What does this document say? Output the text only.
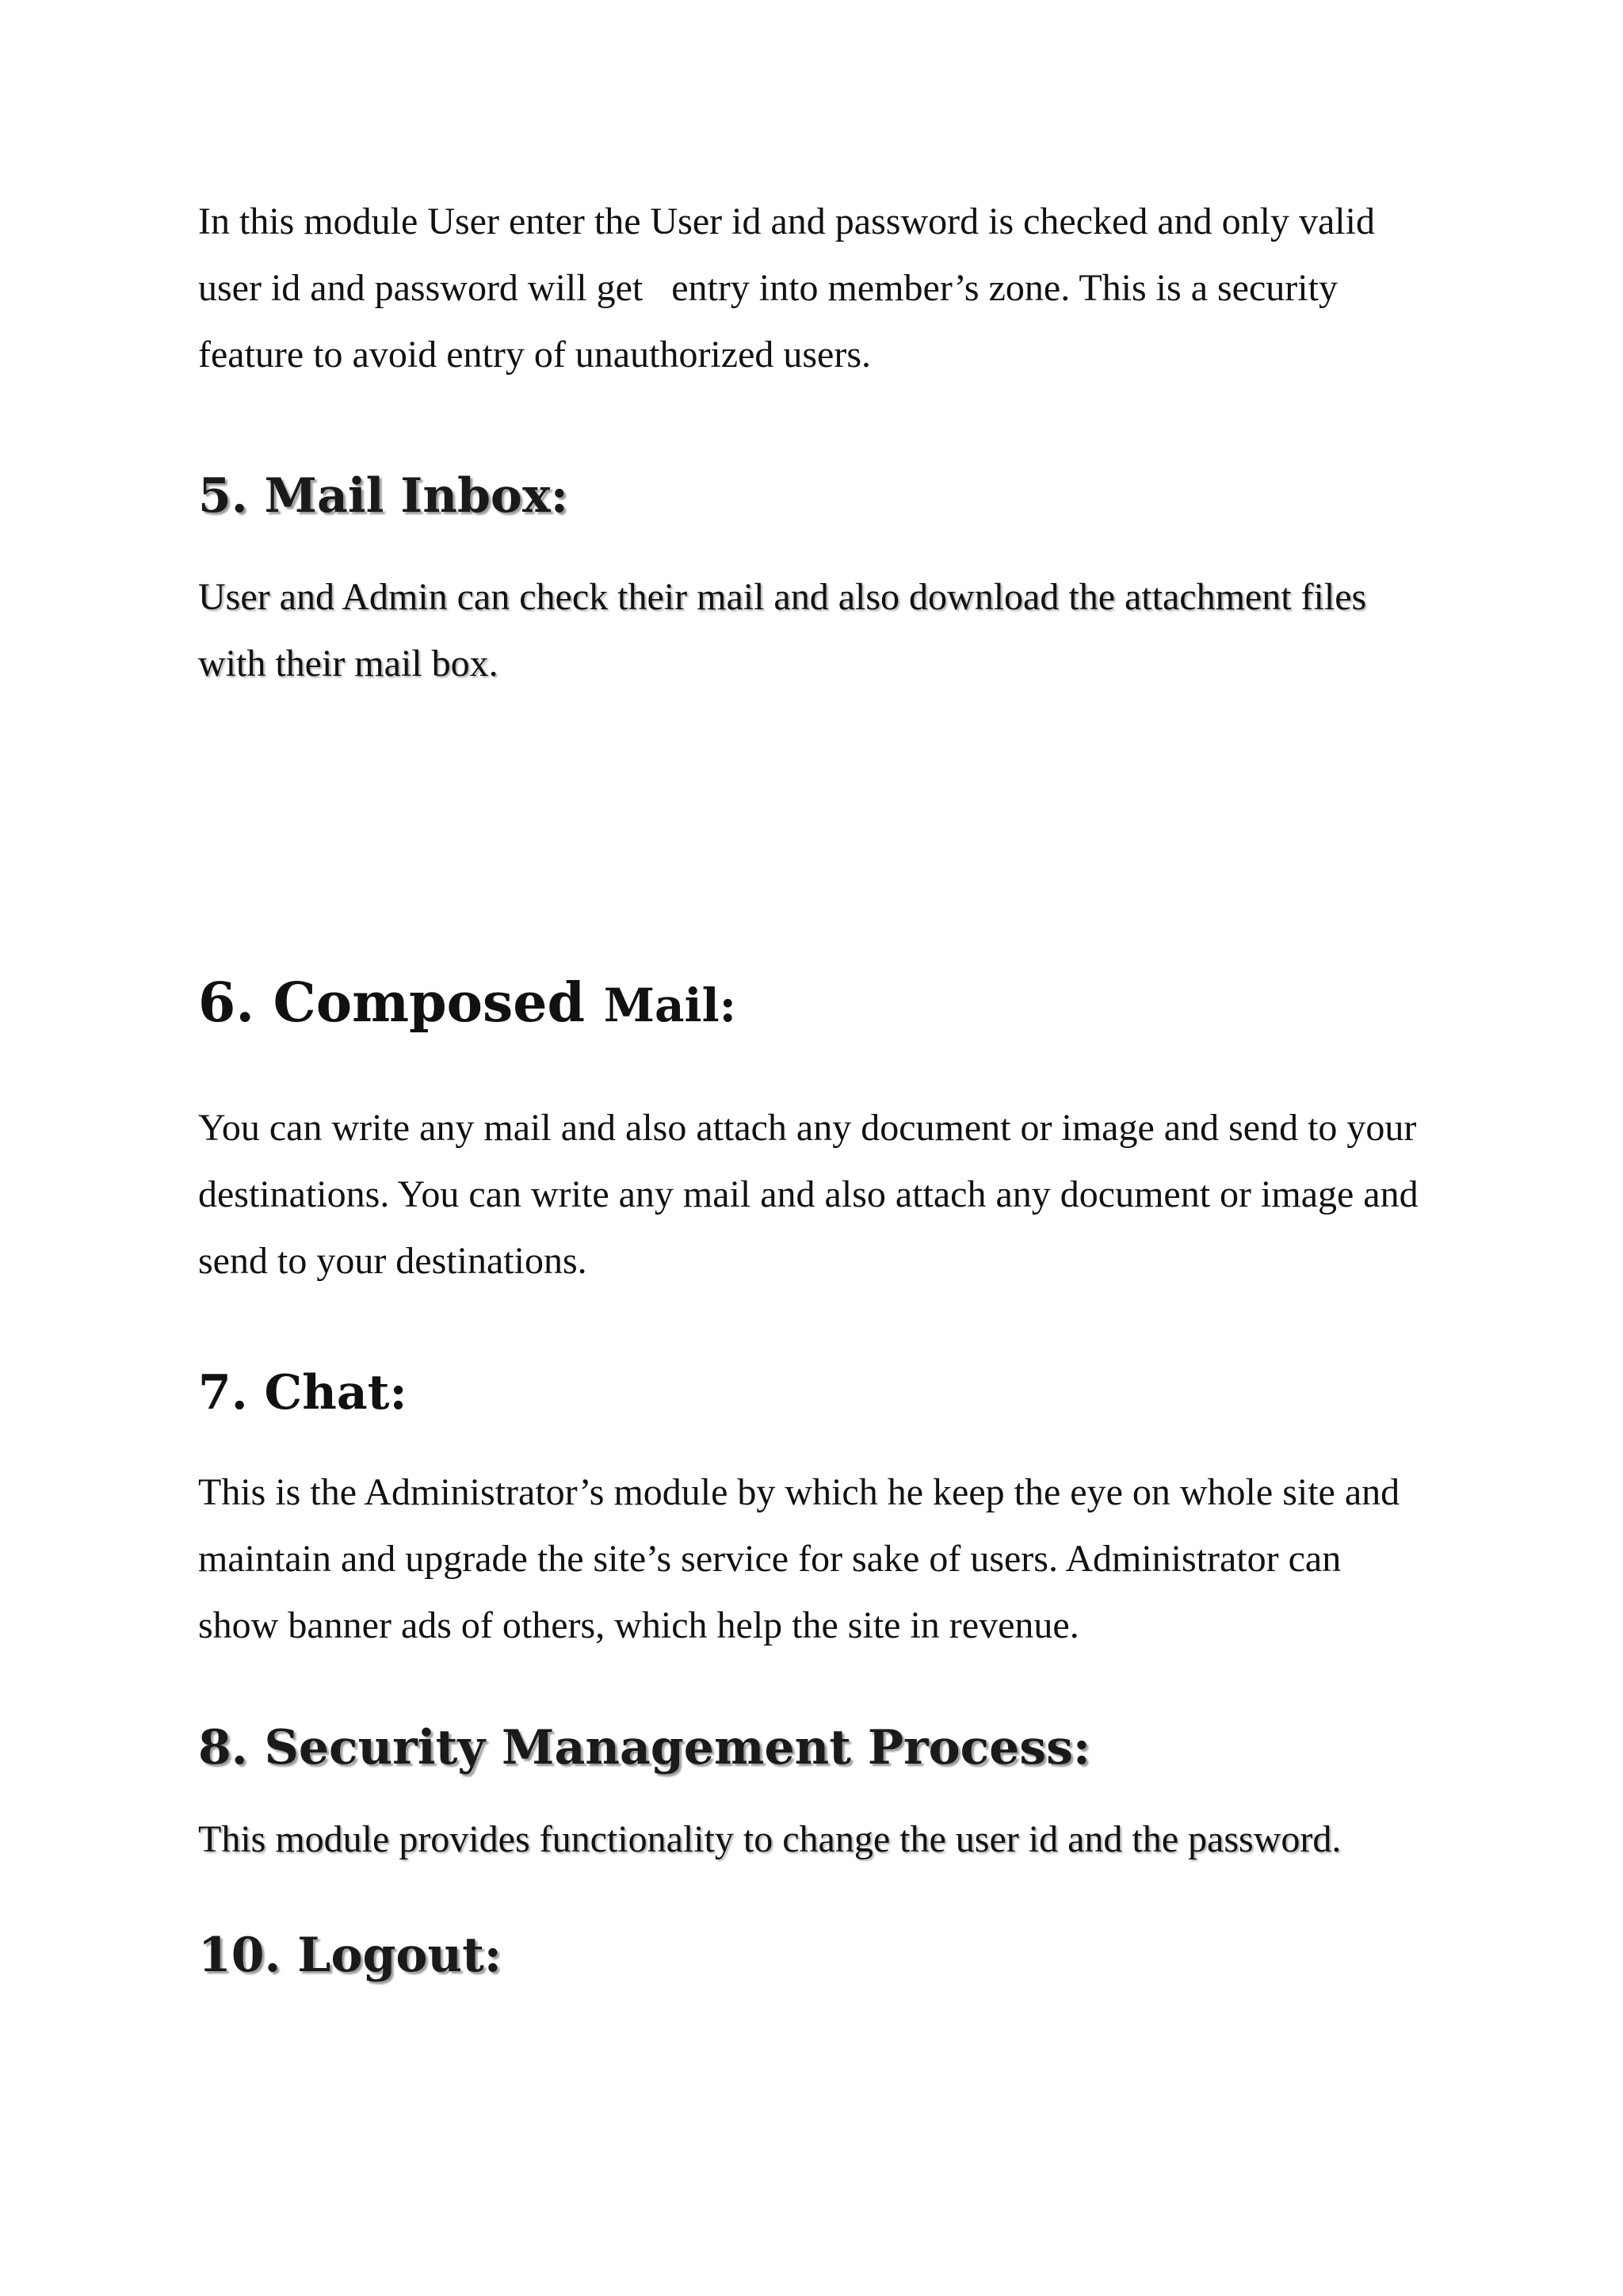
In this module User enter the User id and password is checked and only valid
user id and password will get   entry into member’s zone. This is a security
feature to avoid entry of unauthorized users.

5. Mail Inbox:

User and Admin can check their mail and also download the attachment files
with their mail box.

6. Composed Mail:

You can write any mail and also attach any document or image and send to your
destinations. You can write any mail and also attach any document or image and
send to your destinations.

7. Chat:

This is the Administrator’s module by which he keep the eye on whole site and
maintain and upgrade the site’s service for sake of users. Administrator can
show banner ads of others, which help the site in revenue.

8. Security Management Process:

This module provides functionality to change the user id and the password.

10. Logout:
